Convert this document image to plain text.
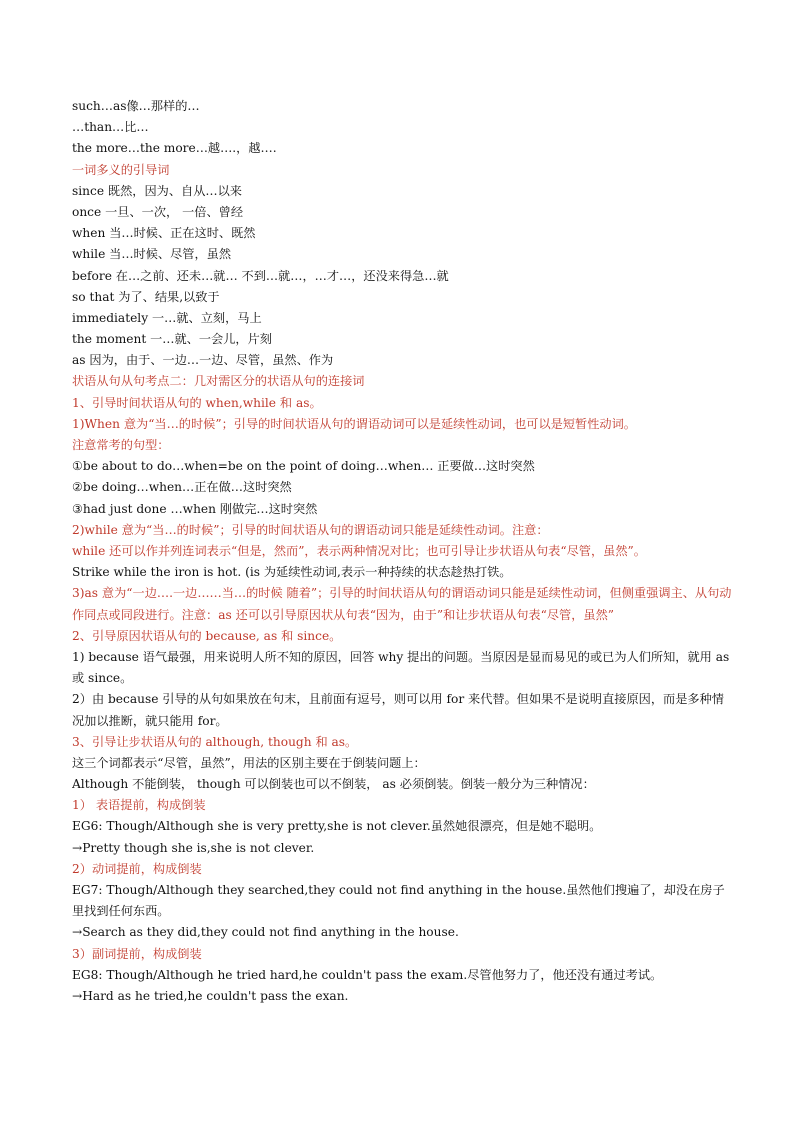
such…as像…那样的…
…than…比…
the more…the more…越….，越….
一词多义的引导词
since 既然，因为、自从…以来
once 一旦、一次， 一倍、曾经
when 当…时候、正在这时、既然
while 当…时候、尽管，虽然
before 在…之前、还未…就… 不到…就…，…才…，还没来得急…就
so that 为了、结果,以致于
immediately 一…就、立刻，马上
the moment 一…就、一会儿，片刻
as 因为，由于、一边…一边、尽管，虽然、作为
状语从句从句考点二：几对需区分的状语从句的连接词
1、引导时间状语从句的 when,while 和 as。
1)When 意为“当…的时候”；引导的时间状语从句的谓语动词可以是延续性动词，也可以是短暂性动词。
注意常考的句型：
①be about to do…when=be on the point of doing…when… 正要做…这时突然
②be doing…when…正在做…这时突然
③had just done …when 刚做完…这时突然
2)while 意为“当…的时候”；引导的时间状语从句的谓语动词只能是延续性动词。注意：
while 还可以作并列连词表示“但是，然而”，表示两种情况对比；也可引导让步状语从句表“尽管，虽然”。
Strike while the iron is hot. (is 为延续性动词,表示一种持续的状态趁热打铁。
3)as 意为“一边….一边……当…的时候 随着”；引导的时间状语从句的谓语动词只能是延续性动词，但侧重强调主、从句动作同点或同段进行。注意：as 还可以引导原因状从句表“因为，由于”和让步状语从句表“尽管，虽然”
2、引导原因状语从句的 because, as 和 since。
1) because 语气最强，用来说明人所不知的原因，回答 why 提出的问题。当原因是显而易见的或已为人们所知，就用 as 或 since。
2）由 because 引导的从句如果放在句末，且前面有逗号，则可以用 for 来代替。但如果不是说明直接原因，而是多种情况加以推断，就只能用 for。
3、引导让步状语从句的 although, though 和 as。
这三个词都表示“尽管，虽然”，用法的区别主要在于倒装问题上：
Although 不能倒装， though 可以倒装也可以不倒装， as 必须倒装。倒装一般分为三种情况：
1） 表语提前，构成倒装
EG6: Though/Although she is very pretty,she is not clever.虽然她很漂亮，但是她不聪明。
→Pretty though she is,she is not clever.
2）动词提前，构成倒装
EG7: Though/Although they searched,they could not find anything in the house.虽然他们搜遍了，却没在房子里找到任何东西。
→Search as they did,they could not find anything in the house.
3）副词提前，构成倒装
EG8: Though/Although he tried hard,he couldn't pass the exam.尽管他努力了，他还没有通过考试。
→Hard as he tried,he couldn't pass the exan.
